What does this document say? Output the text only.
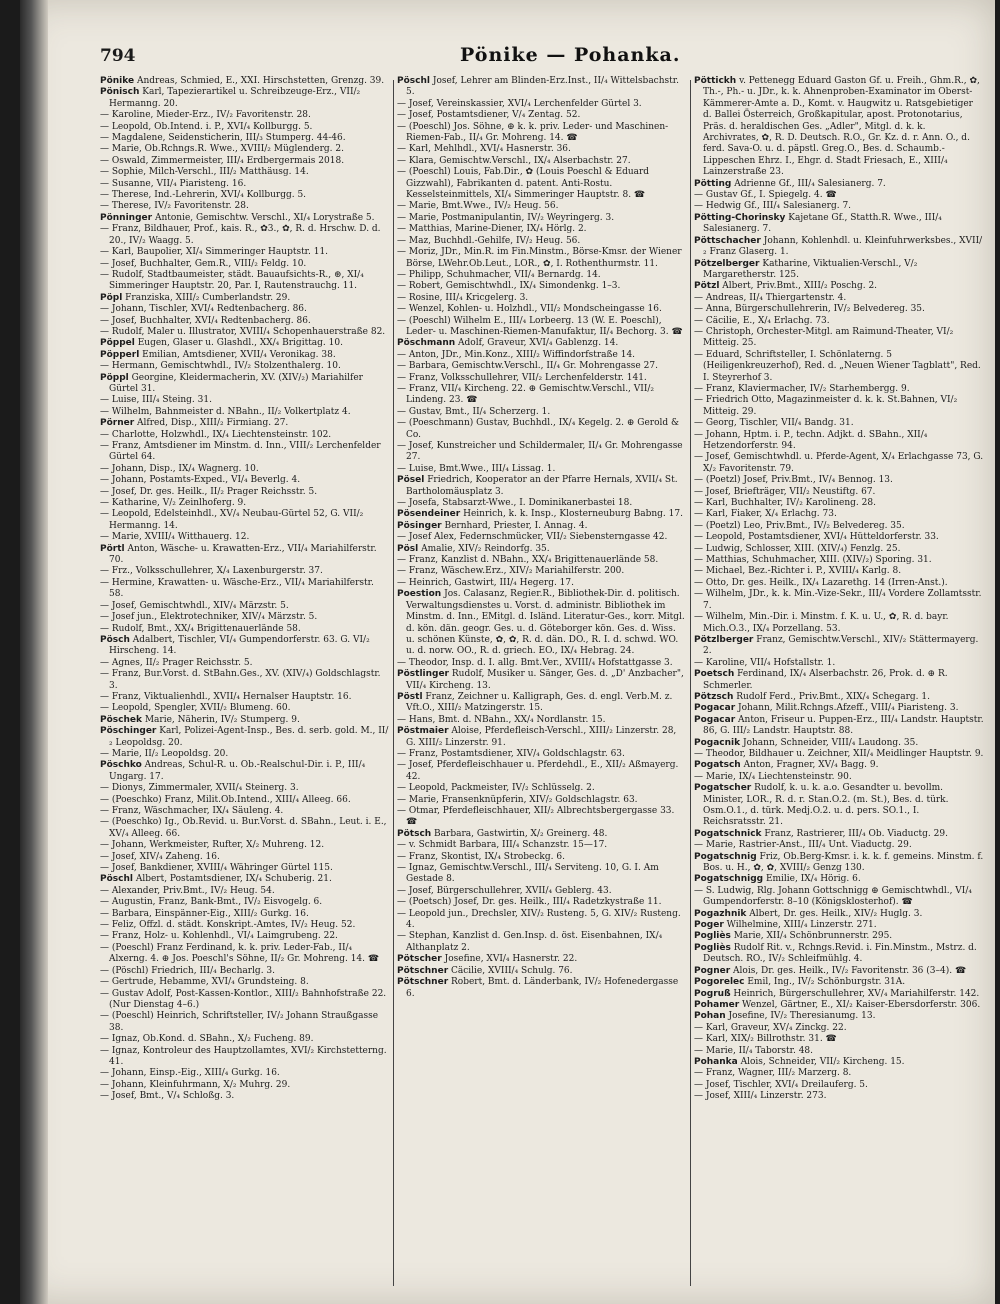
794	Pönike — Pohanka.

Pönike Andreas, Schmied, E., XXI. Hirschstetten, Grenzg. 39.

Pönisch Karl, Tapezierartikel u. Schreibzeuge-Erz., VII/₂ Hermanng. 20.

— Karoline, Mieder-Erz., IV/₂ Favoritenstr. 28.

— Leopold, Ob.Intend. i. P., XVI/₄ Kollburgg. 5.

— Magdalene, Seidensticherin, III/₃ Stumperg. 44-46.

— Marie, Ob.Rchngs.R. Wwe., XVIII/₂ Müglenderg. 2.

— Oswald, Zimmermeister, III/₄ Erdbergermais 2018.

— Sophie, Milch-Verschl., III/₂ Matthäusg. 14.

— Susanne, VII/₄ Piaristeng. 16.

— Therese, Ind.-Lehrerin, XVI/₄ Kollburgg. 5.

— Therese, IV/₂ Favoritenstr. 28.

Pönninger Antonie, Gemischtw. Verschl., XI/₄ Lorystraße 5.

— Franz, Bildhauer, Prof., kais. R., ✿3., ✿, R. d. Hrschw. D. d. 20., IV/₂ Waagg. 5.

— Karl, Baupolier, XI/₄ Simmeringer Hauptstr. 11.

— Josef, Buchhalter, Gem.R., VIII/₂ Feldg. 10.

— Rudolf, Stadtbaumeister, städt. Bauaufsichts-R., ⊛, XI/₄ Simmeringer Hauptstr. 20, Par. I, Rautenstrauchg. 11.

Pöpl Franziska, XIII/₂ Cumberlandstr. 29.

— Johann, Tischler, XVI/₄ Redtenbacherg. 86.

— Josef, Buchhalter, XVI/₄ Redtenbacherg. 86.

— Rudolf, Maler u. Illustrator, XVIII/₄ Schopenhauerstraße 82.

Pöppel Eugen, Glaser u. Glashdl., XX/₄ Brigittag. 10.

Pöpperl Emilian, Amtsdiener, XVII/₄ Veronikag. 38.

— Hermann, Gemischtwhdl., IV/₂ Stolzenthalerg. 10.

Pöppl Georgine, Kleidermacherin, XV. (XIV/₂) Mariahilfer Gürtel 31.

— Luise, III/₄ Steing. 31.

— Wilhelm, Bahnmeister d. NBahn., II/₂ Volkertplatz 4.

Pörner Alfred, Disp., XIII/₂ Firmiang. 27.

— Charlotte, Holzwhdl., IX/₄ Liechtensteinstr. 102.

— Franz, Amtsdiener im Minstm. d. Inn., VIII/₂ Lerchenfelder Gürtel 64.

— Johann, Disp., IX/₄ Wagnerg. 10.

— Johann, Postamts-Exped., VI/₄ Beverlg. 4.

— Josef, Dr. ges. Heilk., II/₂ Prager Reichsstr. 5.

— Katharine, V/₂ Zeinlhoferg. 9.

— Leopold, Edelsteinhdl., XV/₄ Neubau-Gürtel 52, G. VII/₂ Hermanng. 14.

— Marie, XVIII/₄ Witthauerg. 12.

Pörtl Anton, Wäsche- u. Krawatten-Erz., VII/₄ Mariahilferstr. 70.

— Frz., Volksschullehrer, X/₄ Laxenburgerstr. 37.

— Hermine, Krawatten- u. Wäsche-Erz., VII/₄ Mariahilferstr. 58.

— Josef, Gemischtwhdl., XIV/₄ Märzstr. 5.

— Josef jun., Elektrotechniker, XIV/₄ Märzstr. 5.

— Rudolf, Bmt., XX/₄ Brigittenauerlände 58.

Pösch Adalbert, Tischler, VI/₄ Gumpendorferstr. 63. G. VI/₂ Hirscheng. 14.

— Agnes, II/₂ Prager Reichsstr. 5.

— Franz, Bur.Vorst. d. StBahn.Ges., XV. (XIV/₄) Goldschlagstr. 3.

— Franz, Viktualienhdl., XVII/₄ Hernalser Hauptstr. 16.

— Leopold, Spengler, XVII/₂ Blumeng. 60.

Pöschek Marie, Näherin, IV/₂ Stumperg. 9.

Pöschinger Karl, Polizei-Agent-Insp., Bes. d. serb. gold. M., II/₂ Leopoldsg. 20.

— Marie, II/₂ Leopoldsg. 20.

Pöschko Andreas, Schul-R. u. Ob.-Realschul-Dir. i. P., III/₄ Ungarg. 17.

— Dionys, Zimmermaler, XVII/₄ Steinerg. 3.

— (Poeschko) Franz, Milit.Ob.Intend., XIII/₄ Alleeg. 66.

— Franz, Wäschmacher, IX/₄ Säuleng. 4.

— (Poeschko) Ig., Ob.Revid. u. Bur.Vorst. d. SBahn., Leut. i. E., XV/₄ Alleeg. 66.

— Johann, Werkmeister, Rufter, X/₂ Muhreng. 12.

— Josef, XIV/₄ Zaheng. 16.

— Josef, Bankdiener, XVIII/₄ Währinger Gürtel 115.

Pöschl Albert, Postamtsdiener, IX/₄ Schuberig. 21.

— Alexander, Priv.Bmt., IV/₂ Heug. 54.

— Augustin, Franz, Bank-Bmt., IV/₂ Eisvogelg. 6.

— Barbara, Einspänner-Eig., XIII/₂ Gurkg. 16.

— Feliz, Offzl. d. städt. Konskript.-Amtes, IV/₂ Heug. 52.

— Franz, Holz- u. Kohlenhdl., VI/₄ Laimgrubeng. 22.

— (Poeschl) Franz Ferdinand, k. k. priv. Leder-Fab., II/₄ Alxerng. 4. ⊕ Jos. Poeschl's Söhne, II/₂ Gr. Mohreng. 14. ☎

— (Pöschl) Friedrich, III/₄ Becharlg. 3.

— Gertrude, Hebamme, XVI/₄ Grundsteing. 8.

— Gustav Adolf, Post-Kassen-Kontlor., XIII/₂ Bahnhofstraße 22. (Nur Dienstag 4–6.)

— (Poeschl) Heinrich, Schriftsteller, IV/₂ Johann Straußgasse 38.

— Ignaz, Ob.Kond. d. SBahn., X/₂ Fucheng. 89.

— Ignaz, Kontroleur des Hauptzollamtes, XVI/₂ Kirchstetterng. 41.

— Johann, Einsp.-Eig., XIII/₄ Gurkg. 16.

— Johann, Kleinfuhrmann, X/₂ Muhrg. 29.

— Josef, Bmt., V/₄ Schloßg. 3.

Pöschl Josef, Lehrer am Blinden-Erz.Inst., II/₄ Wittelsbachstr. 5.

— Josef, Vereinskassier, XVI/₄ Lerchenfelder Gürtel 3.

— Josef, Postamtsdiener, V/₄ Zentag. 52.

— (Poeschl) Jos. Söhne, ⊕ k. k. priv. Leder- und Maschinen-Riemen-Fab., II/₄ Gr. Mohreng. 14. ☎

— Karl, Mehlhdl., XVI/₄ Hasnerstr. 36.

— Klara, Gemischtw.Verschl., IX/₄ Alserbachstr. 27.

— (Poeschl) Louis, Fab.Dir., ✿ (Louis Poeschl & Eduard Gizzwahl), Fabrikanten d. patent. Anti-Rostu. Kesselsteinmittels, XI/₄ Simmeringer Hauptstr. 8. ☎

— Marie, Bmt.Wwe., IV/₂ Heug. 56.

— Marie, Postmanipulantin, IV/₂ Weyringerg. 3.

— Matthias, Marine-Diener, IX/₄ Hörlg. 2.

— Maz, Buchhdl.-Gehilfe, IV/₂ Heug. 56.

— Moriz, JDr., Min.R. im Fin.Minstm., Börse-Kmsr. der Wiener Börse, LWehr.Ob.Leut., LOR., ✿, I. Rothenthurmstr. 11.

— Philipp, Schuhmacher, VII/₄ Bernardg. 14.

— Robert, Gemischtwhdl., IX/₄ Simondenkg. 1–3.

— Rosine, III/₄ Kricgelerg. 3.

— Wenzel, Kohlen- u. Holzhdl., VII/₂ Mondscheingasse 16.

— (Poeschl) Wilhelm E., III/₄ Lorbeerg. 13 (W. E. Poeschl), Leder- u. Maschinen-Riemen-Manufaktur, II/₄ Bechorg. 3. ☎

Pöschmann Adolf, Graveur, XVI/₄ Gablenzg. 14.

— Anton, JDr., Min.Konz., XIII/₂ Wiffindorfstraße 14.

— Barbara, Gemischtw.Verschl., II/₄ Gr. Mohrengasse 27.

— Franz, Volksschullehrer, VII/₂ Lerchenfelderstr. 141.

— Franz, VII/₄ Kircheng. 22. ⊕ Gemischtw.Verschl., VII/₂ Lindeng. 23. ☎

— Gustav, Bmt., II/₄ Scherzerg. 1.

— (Poeschmann) Gustav, Buchhdl., IX/₄ Kegelg. 2. ⊕ Gerold & Co.

— Josef, Kunstreicher und Schildermaler, II/₄ Gr. Mohrengasse 27.

— Luise, Bmt.Wwe., III/₄ Lissag. 1.

Pösel Friedrich, Kooperator an der Pfarre Hernals, XVII/₄ St. Bartholomäusplatz 3.

— Josefa, Stabsarzt-Wwe., I. Dominikanerbastei 18.

Pösendeiner Heinrich, k. k. Insp., Klosterneuburg Babng. 17.

Pösinger Bernhard, Priester, I. Annag. 4.

— Josef Alex, Federnschmücker, VII/₂ Siebensterngasse 42.

Pösl Amalie, XIV/₂ Reindorfg. 35.

— Franz, Kanzlist d. NBahn., XX/₄ Brigittenauerlände 58.

— Franz, Wäschew.Erz., XIV/₂ Mariahilferstr. 200.

— Heinrich, Gastwirt, III/₄ Hegerg. 17.

Poestion Jos. Calasanz, Regier.R., Bibliothek-Dir. d. politisch. Verwaltungsdienstes u. Vorst. d. administr. Bibliothek im Minstm. d. Inn., EMitgl. d. Isländ. Literatur-Ges., korr. Mitgl. d. kön. dän. geogr. Ges. u. d. Göteborger kön. Ges. d. Wiss. u. schönen Künste, ✿, ✿, R. d. dän. DO., R. I. d. schwd. WO. u. d. norw. OO., R. d. griech. EO., IX/₄ Hebrag. 24.

— Theodor, Insp. d. I. allg. Bmt.Ver., XVIII/₄ Hofstattgasse 3.

Pöstlinger Rudolf, Musiker u. Sänger, Ges. d. „D' Anzbacher", VII/₄ Kircheng. 13.

Pöstl Franz, Zeichner u. Kalligraph, Ges. d. engl. Verb.M. z. Vft.O., XIII/₂ Matzingerstr. 15.

— Hans, Bmt. d. NBahn., XX/₄ Nordlanstr. 15.

Pöstmaier Aloise, Pferdefleisch-Verschl., XIII/₂ Linzerstr. 28, G. XIII/₂ Linzerstr. 91.

— Franz, Postamtsdiener, XIV/₄ Goldschlagstr. 63.

— Josef, Pferdefleischhauer u. Pferdehdl., E., XII/₂ Aßmayerg. 42.

— Leopold, Packmeister, IV/₂ Schlüsselg. 2.

— Marie, Fransenknüpferin, XIV/₂ Goldschlagstr. 63.

— Otmar, Pferdefleischhauer, XII/₂ Albrechtsbergergasse 33. ☎

Pötsch Barbara, Gastwirtin, X/₂ Greinerg. 48.

— v. Schmidt Barbara, III/₄ Schanzstr. 15—17.

— Franz, Skontist, IX/₄ Strobeckg. 6.

— Ignaz, Gemischtw.Verschl., III/₄ Serviteng. 10, G. I. Am Gestade 8.

— Josef, Bürgerschullehrer, XVII/₄ Geblerg. 43.

— (Poetsch) Josef, Dr. ges. Heilk., III/₄ Radetzkystraße 11.

— Leopold jun., Drechsler, XIV/₂ Rusteng. 5, G. XIV/₂ Rusteng. 4.

— Stephan, Kanzlist d. Gen.Insp. d. öst. Eisenbahnen, IX/₄ Althanplatz 2.

Pötscher Josefine, XVI/₄ Hasnerstr. 22.

Pötschner Cäcilie, XVIII/₄ Schulg. 76.

Pötschner Robert, Bmt. d. Länderbank, IV/₂ Hofenedergasse 6.

Pöttickh v. Pettenegg Eduard Gaston Gf. u. Freih., Ghm.R., ✿, Th.-, Ph.- u. JDr., k. k. Ahnenproben-Examinator im Oberst-Kämmerer-Amte a. D., Komt. v. Haugwitz u. Ratsgebietiger d. Ballei Österreich, Großkapitular, apost. Protonotarius, Präs. d. heraldischen Ges. „Adler", Mitgl. d. k. k. Archivrates, ✿, R. D. Deutsch. R.O., Gr. Kz. d. r. Ann. O., d. ferd. Sava-O. u. d. päpstl. Greg.O., Bes. d. Schaumb.-Lippeschen Ehrz. I., Ehgr. d. Stadt Friesach, E., XIII/₄ Lainzerstraße 23.

Pötting Adrienne Gf., III/₄ Salesianerg. 7.

— Gustav Gf., I. Spiegelg. 4. ☎

— Hedwig Gf., III/₄ Salesianerg. 7.

Pötting-Chorinsky Kajetane Gf., Statth.R. Wwe., III/₄ Salesianerg. 7.

Pöttschacher Johann, Kohlenhdl. u. Kleinfuhrwerksbes., XVII/₂ Franz Glaserg. 1.

Pötzelberger Katharine, Viktualien-Verschl., V/₂ Margaretherstr. 125.

Pötzl Albert, Priv.Bmt., XIII/₂ Poschg. 2.

— Andreas, II/₄ Thiergartenstr. 4.

— Anna, Bürgerschullehrerin, IV/₂ Belvedereg. 35.

— Cäcilie, E., X/₄ Erlachg. 73.

— Christoph, Orchester-Mitgl. am Raimund-Theater, VI/₂ Mitteig. 25.

— Eduard, Schriftsteller, I. Schönlaterng. 5 (Heiligenkreuzerhof), Red. d. „Neuen Wiener Tagblatt", Red. I. Steyrerhof 3.

— Franz, Klaviermacher, IV/₂ Starhembergg. 9.

— Friedrich Otto, Magazinmeister d. k. k. St.Bahnen, VI/₂ Mitteig. 29.

— Georg, Tischler, VII/₄ Bandg. 31.

— Johann, Hptm. i. P., techn. Adjkt. d. SBahn., XII/₄ Hetzendorferstr. 94.

— Josef, Gemischtwhdl. u. Pferde-Agent, X/₄ Erlachgasse 73, G. X/₂ Favoritenstr. 79.

— (Poetzl) Josef, Priv.Bmt., IV/₄ Bennog. 13.

— Josef, Briefträger, VII/₂ Neustiftg. 67.

— Karl, Buchhalter, IV/₂ Karolineng. 28.

— Karl, Fiaker, X/₄ Erlachg. 73.

— (Poetzl) Leo, Priv.Bmt., IV/₂ Belvedereg. 35.

— Leopold, Postamtsdiener, XVI/₄ Hütteldorferstr. 33.

— Ludwig, Schlosser, XIII. (XIV/₄) Fenzlg. 25.

— Matthias, Schuhmacher, XIII. (XIV/₂) Sporing. 31.

— Michael, Bez.-Richter i. P., XVIII/₄ Karlg. 8.

— Otto, Dr. ges. Heilk., IX/₄ Lazarethg. 14 (Irren-Anst.).

— Wilhelm, JDr., k. k. Min.-Vize-Sekr., III/₄ Vordere Zollamtsstr. 7.

— Wilhelm, Min.-Dir. i. Minstm. f. K. u. U., ✿, R. d. bayr. Mich.O.3., IX/₄ Porzellang. 53.

Pötzlberger Franz, Gemischtw.Verschl., XIV/₂ Stättermayerg. 2.

— Karoline, VII/₄ Hofstallstr. 1.

Poetsch Ferdinand, IX/₄ Alserbachstr. 26, Prok. d. ⊕ R. Schmerler.

Pötzsch Rudolf Ferd., Priv.Bmt., XIX/₄ Schegarg. 1.

Pogacar Johann, Milit.Rchngs.Afzeff., VIII/₄ Piaristeng. 3.

Pogacar Anton, Friseur u. Puppen-Erz., III/₄ Landstr. Hauptstr. 86, G. III/₂ Landstr. Hauptstr. 88.

Pogacnik Johann, Schneider, VIII/₄ Laudong. 35.

— Theodor, Bildhauer u. Zeichner, XII/₄ Meidlinger Hauptstr. 9.

Pogatsch Anton, Fragner, XV/₄ Bagg. 9.

— Marie, IX/₄ Liechtensteinstr. 90.

Pogatscher Rudolf, k. u. k. a.o. Gesandter u. bevollm. Minister, LOR., R. d. r. Stan.O.2. (m. St.), Bes. d. türk. Osm.O.1., d. türk. Medj.O.2. u. d. pers. SO.1., I. Reichsratsstr. 21.

Pogatschnick Franz, Rastrierer, III/₄ Ob. Viaductg. 29.

— Marie, Rastrier-Anst., III/₄ Unt. Viaductg. 29.

Pogatschnig Friz, Ob.Berg-Kmsr. i. k. k. f. gemeins. Minstm. f. Bos. u. H., ✿, ✿, XVIII/₂ Genzg 130.

Pogatschnigg Emilie, IX/₄ Hörig. 6.

— S. Ludwig, Rlg. Johann Gottschnigg ⊕ Gemischtwhdl., VI/₄ Gumpendorferstr. 8–10 (Königsklosterhof). ☎

Pogazhnik Albert, Dr. ges. Heilk., XIV/₂ Huglg. 3.

Poger Wilhelmine, XIII/₄ Linzerstr. 271.

Pogliès Marie, XII/₄ Schönbrunnerstr. 295.

Pogliès Rudolf Rit. v., Rchngs.Revid. i. Fin.Minstm., Mstrz. d. Deutsch. RO., IV/₂ Schleifmühlg. 4.

Pogner Alois, Dr. ges. Heilk., IV/₂ Favoritenstr. 36 (3–4). ☎

Pogorelec Emil, Ing., IV/₂ Schönburgstr. 31A.

Pogruß Heinrich, Bürgerschullehrer, XV/₄ Mariahilferstr. 142.

Pohamer Wenzel, Gärtner, E., XI/₂ Kaiser-Ebersdorferstr. 306.

Pohan Josefine, IV/₂ Theresianumg. 13.

— Karl, Graveur, XV/₄ Zinckg. 22.

— Karl, XIX/₂ Billrothstr. 31. ☎

— Marie, II/₄ Taborstr. 48.

Pohanka Alois, Schneider, VII/₂ Kircheng. 15.

— Franz, Wagner, III/₂ Marzerg. 8.

— Josef, Tischler, XVI/₄ Dreilauferg. 5.

— Josef, XIII/₄ Linzerstr. 273.
